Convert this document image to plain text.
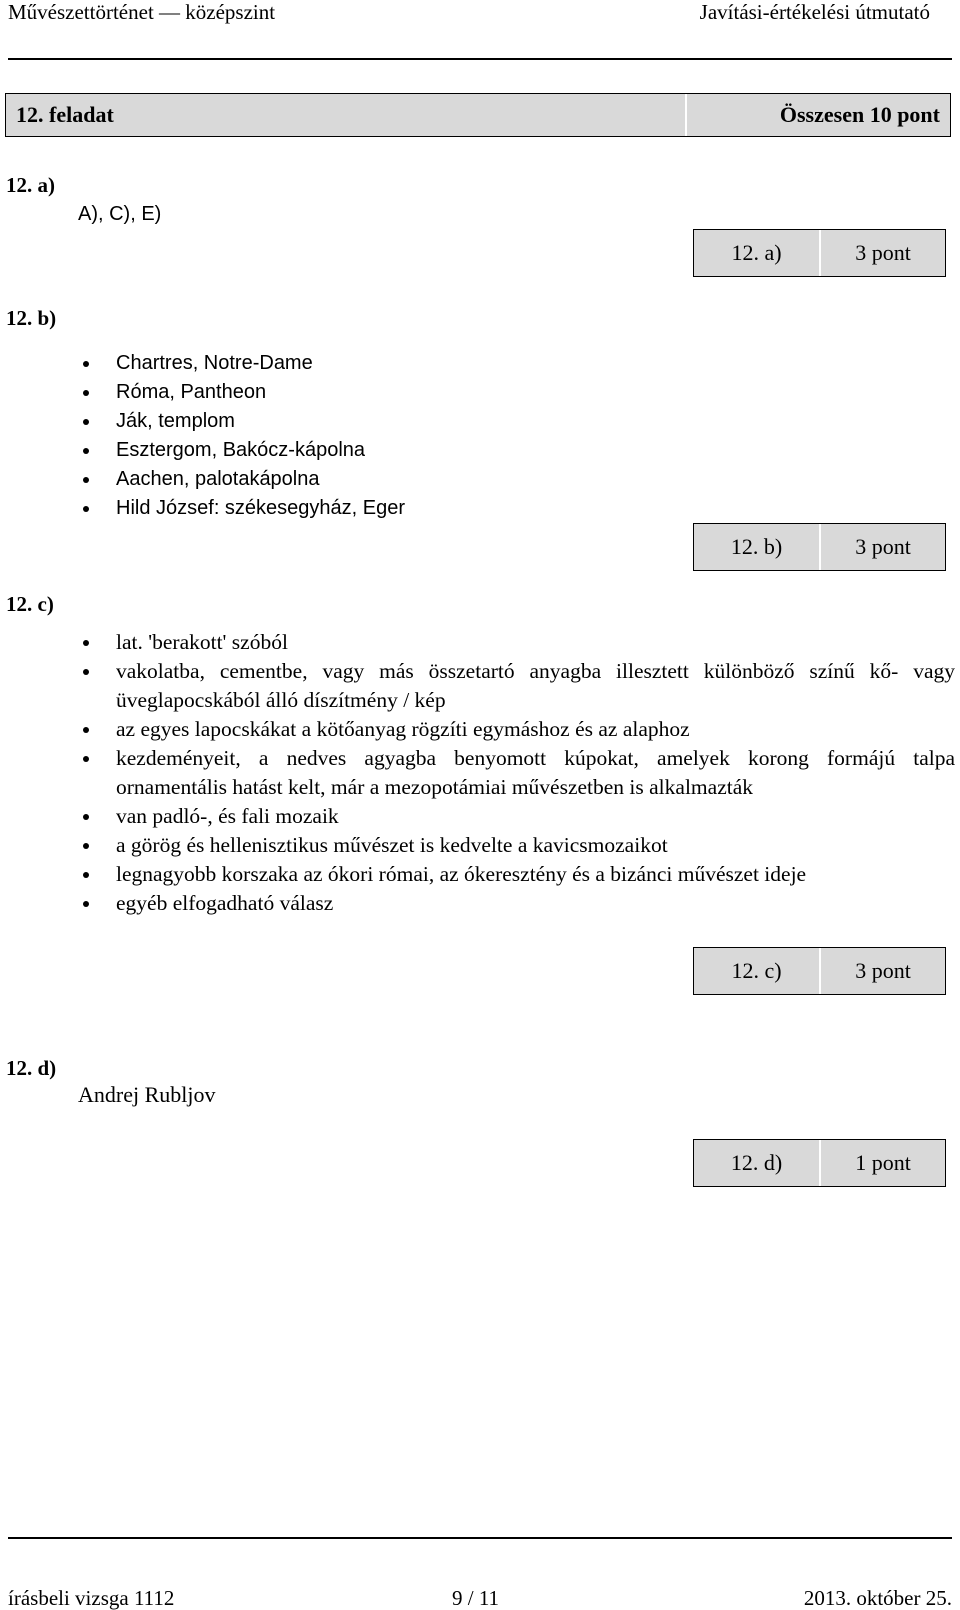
Művészettörténet — középszint	Javítási-értékelési útmutató
12. feladat	Összesen 10 pont
12. a)
A), C), E)
12. a)	3 pont
12. b)
Chartres, Notre-Dame
Róma, Pantheon
Ják, templom
Esztergom, Bakócz-kápolna
Aachen, palotakápolna
Hild József: székesegyház, Eger
12. b)	3 pont
12. c)
lat. 'berakott' szóból
vakolatba, cementbe, vagy más összetartó anyagba illesztett különböző színű kő- vagy üveglapocskából álló díszítmény / kép
az egyes lapocskákat a kötőanyag rögzíti egymáshoz és az alaphoz
kezdeményeit, a nedves agyagba benyomott kúpokat, amelyek korong formájú talpa ornamentális hatást kelt, már a mezopotámiai művészetben is alkalmazták
van padló-, és fali mozaik
a görög és hellenisztikus művészet is kedvelte a kavicsmozaikot
legnagyobb korszaka az ókori római, az ókeresztény és a bizánci művészet ideje
egyéb elfogadható válasz
12. c)	3 pont
12. d)
Andrej Rubljov
12. d)	1 pont
írásbeli vizsga 1112	9 / 11	2013. október 25.
